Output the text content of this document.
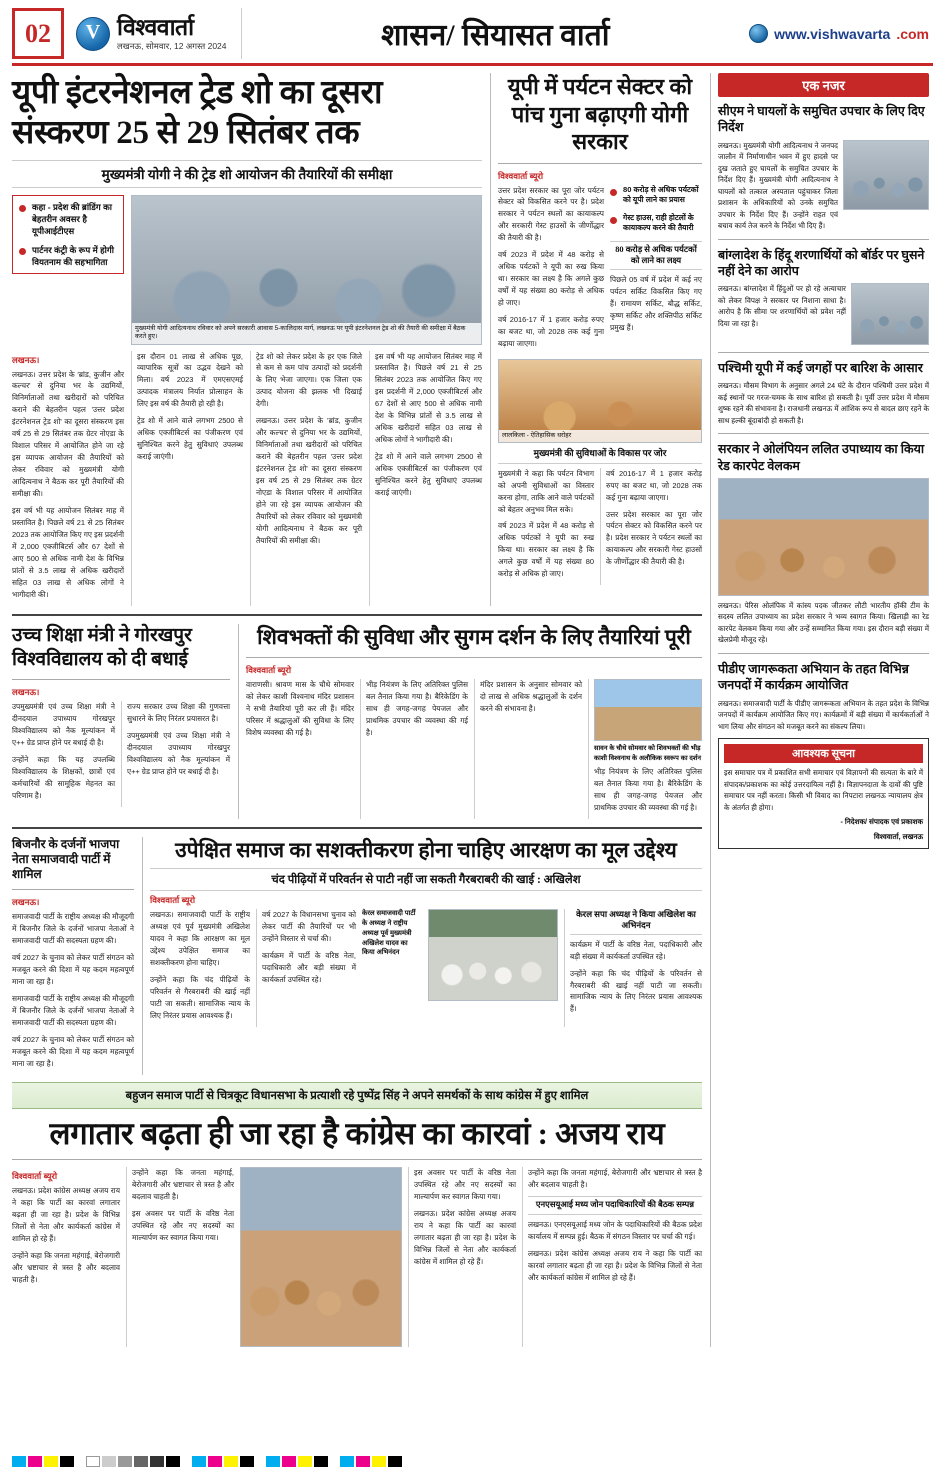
02 V	विश्ववार्ता
लखनऊ, सोमवार, 12 अगस्त 2024	शासन/ सियासत वार्ता	www.vishwavarta .com
यूपी इंटरनेशनल ट्रेड शो का दूसरा संस्करण 25 से 29 सितंबर तक
मुख्यमंत्री योगी ने की ट्रेड शो आयोजन की तैयारियों की समीक्षा
कहा - प्रदेश की ब्रांडिंग का बेहतरीन अवसर है यूपीआईटीएस
पार्टनर कंट्री के रूप में होगी वियतनाम की सहभागिता
मुख्यमंत्री योगी आदित्यनाथ रविवार को अपने सरकारी आवास 5-कालिदास मार्ग, लखनऊ पर यूपी इंटरनेशनल ट्रेड शो की तैयारी की समीक्षा में बैठक करते हुए।
लखनऊ।

लखनऊ। उत्तर प्रदेश के 'ब्रांड, कुजीन और कल्चर' से दुनिया भर के उद्यमियों, विनिर्माताओं तथा खरीदारों को परिचित कराने की बेहतरीन पहल 'उत्तर प्रदेश इंटरनेशनल ट्रेड शो' का दूसरा संस्करण इस वर्ष 25 से 29 सितंबर तक ग्रेटर नोएडा के विशाल परिसर में आयोजित होने जा रहे इस व्यापक आयोजन की तैयारियों को लेकर रविवार को मुख्यमंत्री योगी आदित्यनाथ ने बैठक कर पूरी तैयारियों की समीक्षा की।

इस वर्ष भी यह आयोजन सितंबर माह में प्रस्तावित है। पिछले वर्ष 21 से 25 सितंबर 2023 तक आयोजित किए गए इस प्रदर्शनी में 2,000 एक्जीबिटर्स और 67 देशों से आए 500 से अधिक नामी देश के विभिन्न प्रांतों से 3.5 लाख से अधिक खरीदारों सहित 03 लाख से अधिक लोगों ने भागीदारी की।

इस दौरान 01 लाख से अधिक पूछ, व्यापारिक सूत्रों का उद्भव देखने को मिला। वर्ष 2023 में एमएसएमई उत्पादक मंत्रालय निर्यात प्रोत्साहन के लिए इस वर्ष की तैयारी हो रही है।

ट्रेड शो में आने वाले लगभग 2500 से अधिक एक्जीबिटर्स का पंजीकरण एवं सुनिश्चित करने हेतु सुविधाएं उपलब्ध कराई जाएंगी।

ट्रेड शो को लेकर प्रदेश के हर एक जिले से कम से कम पांच उत्पादों को प्रदर्शनी के लिए भेजा जाएगा। एक जिला एक उत्पाद योजना की झलक भी दिखाई देगी।

लखनऊ। उत्तर प्रदेश के 'ब्रांड, कुजीन और कल्चर' से दुनिया भर के उद्यमियों, विनिर्माताओं तथा खरीदारों को परिचित कराने की बेहतरीन पहल 'उत्तर प्रदेश इंटरनेशनल ट्रेड शो' का दूसरा संस्करण इस वर्ष 25 से 29 सितंबर तक ग्रेटर नोएडा के विशाल परिसर में आयोजित होने जा रहे इस व्यापक आयोजन की तैयारियों को लेकर रविवार को मुख्यमंत्री योगी आदित्यनाथ ने बैठक कर पूरी तैयारियों की समीक्षा की।

इस वर्ष भी यह आयोजन सितंबर माह में प्रस्तावित है। पिछले वर्ष 21 से 25 सितंबर 2023 तक आयोजित किए गए इस प्रदर्शनी में 2,000 एक्जीबिटर्स और 67 देशों से आए 500 से अधिक नामी देश के विभिन्न प्रांतों से 3.5 लाख से अधिक खरीदारों सहित 03 लाख से अधिक लोगों ने भागीदारी की।

ट्रेड शो में आने वाले लगभग 2500 से अधिक एक्जीबिटर्स का पंजीकरण एवं सुनिश्चित करने हेतु सुविधाएं उपलब्ध कराई जाएंगी।

यूपी में पर्यटन सेक्टर को पांच गुना बढ़ाएगी योगी सरकार
विश्ववार्ता ब्यूरो

उत्तर प्रदेश सरकार का पूरा जोर पर्यटन सेक्टर को विकसित करने पर है। प्रदेश सरकार ने पर्यटन स्थलों का कायाकल्प और सरकारी गेस्ट हाउसों के जीर्णोद्धार की तैयारी की है।

वर्ष 2023 में प्रदेश में 48 करोड़ से अधिक पर्यटकों ने यूपी का रुख किया था। सरकार का लक्ष्य है कि अगले कुछ वर्षों में यह संख्या 80 करोड़ से अधिक हो जाए।

वर्ष 2016-17 में 1 हजार करोड़ रुपए का बजट था, जो 2028 तक कई गुना बढ़ाया जाएगा।

80 करोड़ से अधिक पर्यटकों को यूपी लाने का प्रयास
गेस्ट हाउस, राही होटलों के कायाकल्प करने की तैयारी
80 करोड़ से अधिक पर्यटकों को लाने का लक्ष्य

पिछले 05 वर्ष में प्रदेश में कई नए पर्यटन सर्किट विकसित किए गए हैं। रामायण सर्किट, बौद्ध सर्किट, कृष्ण सर्किट और शक्तिपीठ सर्किट प्रमुख हैं।

लालकिला - ऐतिहासिक धरोहर
मुख्यमंत्री की सुविधाओं के विकास पर जोर

मुख्यमंत्री ने कहा कि पर्यटन विभाग को अपनी सुविधाओं का विस्तार करना होगा, ताकि आने वाले पर्यटकों को बेहतर अनुभव मिल सके।

वर्ष 2023 में प्रदेश में 48 करोड़ से अधिक पर्यटकों ने यूपी का रुख किया था। सरकार का लक्ष्य है कि अगले कुछ वर्षों में यह संख्या 80 करोड़ से अधिक हो जाए।

वर्ष 2016-17 में 1 हजार करोड़ रुपए का बजट था, जो 2028 तक कई गुना बढ़ाया जाएगा।

उत्तर प्रदेश सरकार का पूरा जोर पर्यटन सेक्टर को विकसित करने पर है। प्रदेश सरकार ने पर्यटन स्थलों का कायाकल्प और सरकारी गेस्ट हाउसों के जीर्णोद्धार की तैयारी की है।

उच्च शिक्षा मंत्री ने गोरखपुर विश्वविद्यालय को दी बधाई
लखनऊ।

उपमुख्यमंत्री एवं उच्च शिक्षा मंत्री ने दीनदयाल उपाध्याय गोरखपुर विश्वविद्यालय को नैक मूल्यांकन में ए++ ग्रेड प्राप्त होने पर बधाई दी है।

उन्होंने कहा कि यह उपलब्धि विश्वविद्यालय के शिक्षकों, छात्रों एवं कर्मचारियों की सामूहिक मेहनत का परिणाम है।

राज्य सरकार उच्च शिक्षा की गुणवत्ता सुधारने के लिए निरंतर प्रयासरत है।

उपमुख्यमंत्री एवं उच्च शिक्षा मंत्री ने दीनदयाल उपाध्याय गोरखपुर विश्वविद्यालय को नैक मूल्यांकन में ए++ ग्रेड प्राप्त होने पर बधाई दी है।

शिवभक्तों की सुविधा और सुगम दर्शन के लिए तैयारियां पूरी
विश्ववार्ता ब्यूरो

वाराणसी। श्रावण मास के चौथे सोमवार को लेकर काशी विश्वनाथ मंदिर प्रशासन ने सभी तैयारियां पूरी कर ली हैं। मंदिर परिसर में श्रद्धालुओं की सुविधा के लिए विशेष व्यवस्था की गई है।

भीड़ नियंत्रण के लिए अतिरिक्त पुलिस बल तैनात किया गया है। बैरिकेडिंग के साथ ही जगह-जगह पेयजल और प्राथमिक उपचार की व्यवस्था की गई है।

मंदिर प्रशासन के अनुसार सोमवार को दो लाख से अधिक श्रद्धालुओं के दर्शन करने की संभावना है।

सावन के चौथे सोमवार को शिवभक्तों की भीड़ काशी विश्वनाथ के अलौकिक स्वरूप का दर्शन

भीड़ नियंत्रण के लिए अतिरिक्त पुलिस बल तैनात किया गया है। बैरिकेडिंग के साथ ही जगह-जगह पेयजल और प्राथमिक उपचार की व्यवस्था की गई है।

बिजनौर के दर्जनों भाजपा नेता समाजवादी पार्टी में शामिल
लखनऊ।

समाजवादी पार्टी के राष्ट्रीय अध्यक्ष की मौजूदगी में बिजनौर जिले के दर्जनों भाजपा नेताओं ने समाजवादी पार्टी की सदस्यता ग्रहण की।

वर्ष 2027 के चुनाव को लेकर पार्टी संगठन को मजबूत करने की दिशा में यह कदम महत्वपूर्ण माना जा रहा है।

समाजवादी पार्टी के राष्ट्रीय अध्यक्ष की मौजूदगी में बिजनौर जिले के दर्जनों भाजपा नेताओं ने समाजवादी पार्टी की सदस्यता ग्रहण की।

वर्ष 2027 के चुनाव को लेकर पार्टी संगठन को मजबूत करने की दिशा में यह कदम महत्वपूर्ण माना जा रहा है।

उपेक्षित समाज का सशक्तीकरण होना चाहिए आरक्षण का मूल उद्देश्य
चंद पीढ़ियों में परिवर्तन से पाटी नहीं जा सकती गैरबराबरी की खाई : अखिलेश
विश्ववार्ता ब्यूरो

लखनऊ। समाजवादी पार्टी के राष्ट्रीय अध्यक्ष एवं पूर्व मुख्यमंत्री अखिलेश यादव ने कहा कि आरक्षण का मूल उद्देश्य उपेक्षित समाज का सशक्तीकरण होना चाहिए।

उन्होंने कहा कि चंद पीढ़ियों के परिवर्तन से गैरबराबरी की खाई नहीं पाटी जा सकती। सामाजिक न्याय के लिए निरंतर प्रयास आवश्यक हैं।

वर्ष 2027 के विधानसभा चुनाव को लेकर पार्टी की तैयारियों पर भी उन्होंने विस्तार से चर्चा की।

कार्यक्रम में पार्टी के वरिष्ठ नेता, पदाधिकारी और बड़ी संख्या में कार्यकर्ता उपस्थित रहे।

केरल समाजवादी पार्टी के अध्यक्ष ने राष्ट्रीय अध्यक्ष पूर्व मुख्यमंत्री अखिलेश यादव का किया अभिनंदन
केरल सपा अध्यक्ष ने किया अखिलेश का अभिनंदन

कार्यक्रम में पार्टी के वरिष्ठ नेता, पदाधिकारी और बड़ी संख्या में कार्यकर्ता उपस्थित रहे।

उन्होंने कहा कि चंद पीढ़ियों के परिवर्तन से गैरबराबरी की खाई नहीं पाटी जा सकती। सामाजिक न्याय के लिए निरंतर प्रयास आवश्यक हैं।

बहुजन समाज पार्टी से चित्रकूट विधानसभा के प्रत्याशी रहे पुष्पेंद्र सिंह ने अपने समर्थकों के साथ कांग्रेस में हुए शामिल
लगातार बढ़ता ही जा रहा है कांग्रेस का कारवां : अजय राय
विश्ववार्ता ब्यूरो

लखनऊ। प्रदेश कांग्रेस अध्यक्ष अजय राय ने कहा कि पार्टी का कारवां लगातार बढ़ता ही जा रहा है। प्रदेश के विभिन्न जिलों से नेता और कार्यकर्ता कांग्रेस में शामिल हो रहे हैं।

उन्होंने कहा कि जनता महंगाई, बेरोजगारी और भ्रष्टाचार से त्रस्त है और बदलाव चाहती है।

उन्होंने कहा कि जनता महंगाई, बेरोजगारी और भ्रष्टाचार से त्रस्त है और बदलाव चाहती है।

इस अवसर पर पार्टी के वरिष्ठ नेता उपस्थित रहे और नए सदस्यों का माल्यार्पण कर स्वागत किया गया।

इस अवसर पर पार्टी के वरिष्ठ नेता उपस्थित रहे और नए सदस्यों का माल्यार्पण कर स्वागत किया गया।

लखनऊ। प्रदेश कांग्रेस अध्यक्ष अजय राय ने कहा कि पार्टी का कारवां लगातार बढ़ता ही जा रहा है। प्रदेश के विभिन्न जिलों से नेता और कार्यकर्ता कांग्रेस में शामिल हो रहे हैं।

उन्होंने कहा कि जनता महंगाई, बेरोजगारी और भ्रष्टाचार से त्रस्त है और बदलाव चाहती है।

एनएसयूआई मध्य जोन पदाधिकारियों की बैठक सम्पन्न

लखनऊ। एनएसयूआई मध्य जोन के पदाधिकारियों की बैठक प्रदेश कार्यालय में सम्पन्न हुई। बैठक में संगठन विस्तार पर चर्चा की गई।

लखनऊ। प्रदेश कांग्रेस अध्यक्ष अजय राय ने कहा कि पार्टी का कारवां लगातार बढ़ता ही जा रहा है। प्रदेश के विभिन्न जिलों से नेता और कार्यकर्ता कांग्रेस में शामिल हो रहे हैं।

एक नजर
सीएम ने घायलों के समुचित उपचार के लिए दिए निर्देश
लखनऊ। मुख्यमंत्री योगी आदित्यनाथ ने जनपद जालौन में निर्माणाधीन भवन में हुए हादसे पर दुख जताते हुए घायलों के समुचित उपचार के निर्देश दिए हैं। मुख्यमंत्री योगी आदित्यनाथ ने घायलों को तत्काल अस्पताल पहुंचाकर जिला प्रशासन के अधिकारियों को उनके समुचित उपचार के निर्देश दिए हैं। उन्होंने राहत एवं बचाव कार्य तेज करने के निर्देश भी दिए हैं।
बांग्लादेश के हिंदू शरणार्थियों को बॉर्डर पर घुसने नहीं देने का आरोप
लखनऊ। बांग्लादेश में हिंदुओं पर हो रहे अत्याचार को लेकर विपक्ष ने सरकार पर निशाना साधा है। आरोप है कि सीमा पर शरणार्थियों को प्रवेश नहीं दिया जा रहा है।
पश्चिमी यूपी में कई जगहों पर बारिश के आसार
लखनऊ। मौसम विभाग के अनुसार अगले 24 घंटे के दौरान पश्चिमी उत्तर प्रदेश में कई स्थानों पर गरज-चमक के साथ बारिश हो सकती है। पूर्वी उत्तर प्रदेश में मौसम शुष्क रहने की संभावना है। राजधानी लखनऊ में आंशिक रूप से बादल छाए रहने के साथ हल्की बूंदाबांदी हो सकती है।
सरकार ने ओलंपियन ललित उपाध्याय का किया रेड कारपेट वेलकम
लखनऊ। पेरिस ओलंपिक में कांस्य पदक जीतकर लौटी भारतीय हॉकी टीम के सदस्य ललित उपाध्याय का प्रदेश सरकार ने भव्य स्वागत किया। खिलाड़ी का रेड कारपेट वेलकम किया गया और उन्हें सम्मानित किया गया। इस दौरान बड़ी संख्या में खेलप्रेमी मौजूद रहे।
पीडीए जागरूकता अभियान के तहत विभिन्न जनपदों में कार्यक्रम आयोजित
लखनऊ। समाजवादी पार्टी के पीडीए जागरूकता अभियान के तहत प्रदेश के विभिन्न जनपदों में कार्यक्रम आयोजित किए गए। कार्यक्रमों में बड़ी संख्या में कार्यकर्ताओं ने भाग लिया और संगठन को मजबूत करने का संकल्प लिया।
आवश्यक सूचना
इस समाचार पत्र में प्रकाशित सभी समाचार एवं विज्ञापनों की सत्यता के बारे में संपादक/प्रकाशक का कोई उत्तरदायित्व नहीं है। विज्ञापनदाता के दावों की पुष्टि समाचार पत्र नहीं करता। किसी भी विवाद का निपटारा लखनऊ न्यायालय क्षेत्र के अंतर्गत ही होगा।
- निदेशक/ संपादक एवं प्रकाशक
विश्ववार्ता, लखनऊ
